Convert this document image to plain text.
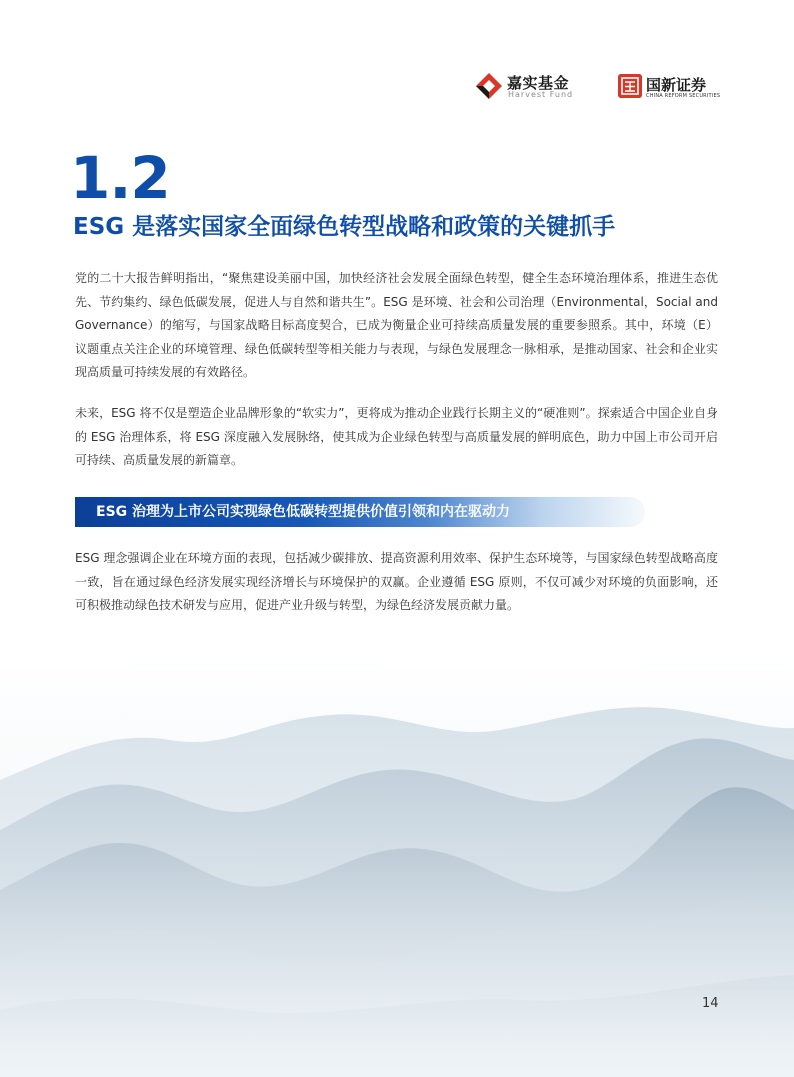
嘉实基金
Harvest Fund
国新证券
CHINA REFORM SECURITIES
1.2
ESG 是落实国家全面绿色转型战略和政策的关键抓手

党的二十大报告鲜明指出，“聚焦建设美丽中国，加快经济社会发展全面绿色转型，健全生态环境治理体系，推进生态优先、节约集约、绿色低碳发展，促进人与自然和谐共生”。ESG 是环境、社会和公司治理（Environmental，Social and Governance）的缩写，与国家战略目标高度契合，已成为衡量企业可持续高质量发展的重要参照系。其中，环境（E）议题重点关注企业的环境管理、绿色低碳转型等相关能力与表现，与绿色发展理念一脉相承，是推动国家、社会和企业实现高质量可持续发展的有效路径。

未来，ESG 将不仅是塑造企业品牌形象的“软实力”，更将成为推动企业践行长期主义的“硬准则”。探索适合中国企业自身的 ESG 治理体系，将 ESG 深度融入发展脉络，使其成为企业绿色转型与高质量发展的鲜明底色，助力中国上市公司开启可持续、高质量发展的新篇章。

ESG 治理为上市公司实现绿色低碳转型提供价值引领和内在驱动力

ESG 理念强调企业在环境方面的表现，包括减少碳排放、提高资源利用效率、保护生态环境等，与国家绿色转型战略高度一致，旨在通过绿色经济发展实现经济增长与环境保护的双赢。企业遵循 ESG 原则，不仅可减少对环境的负面影响，还可积极推动绿色技术研发与应用，促进产业升级与转型，为绿色经济发展贡献力量。

14
